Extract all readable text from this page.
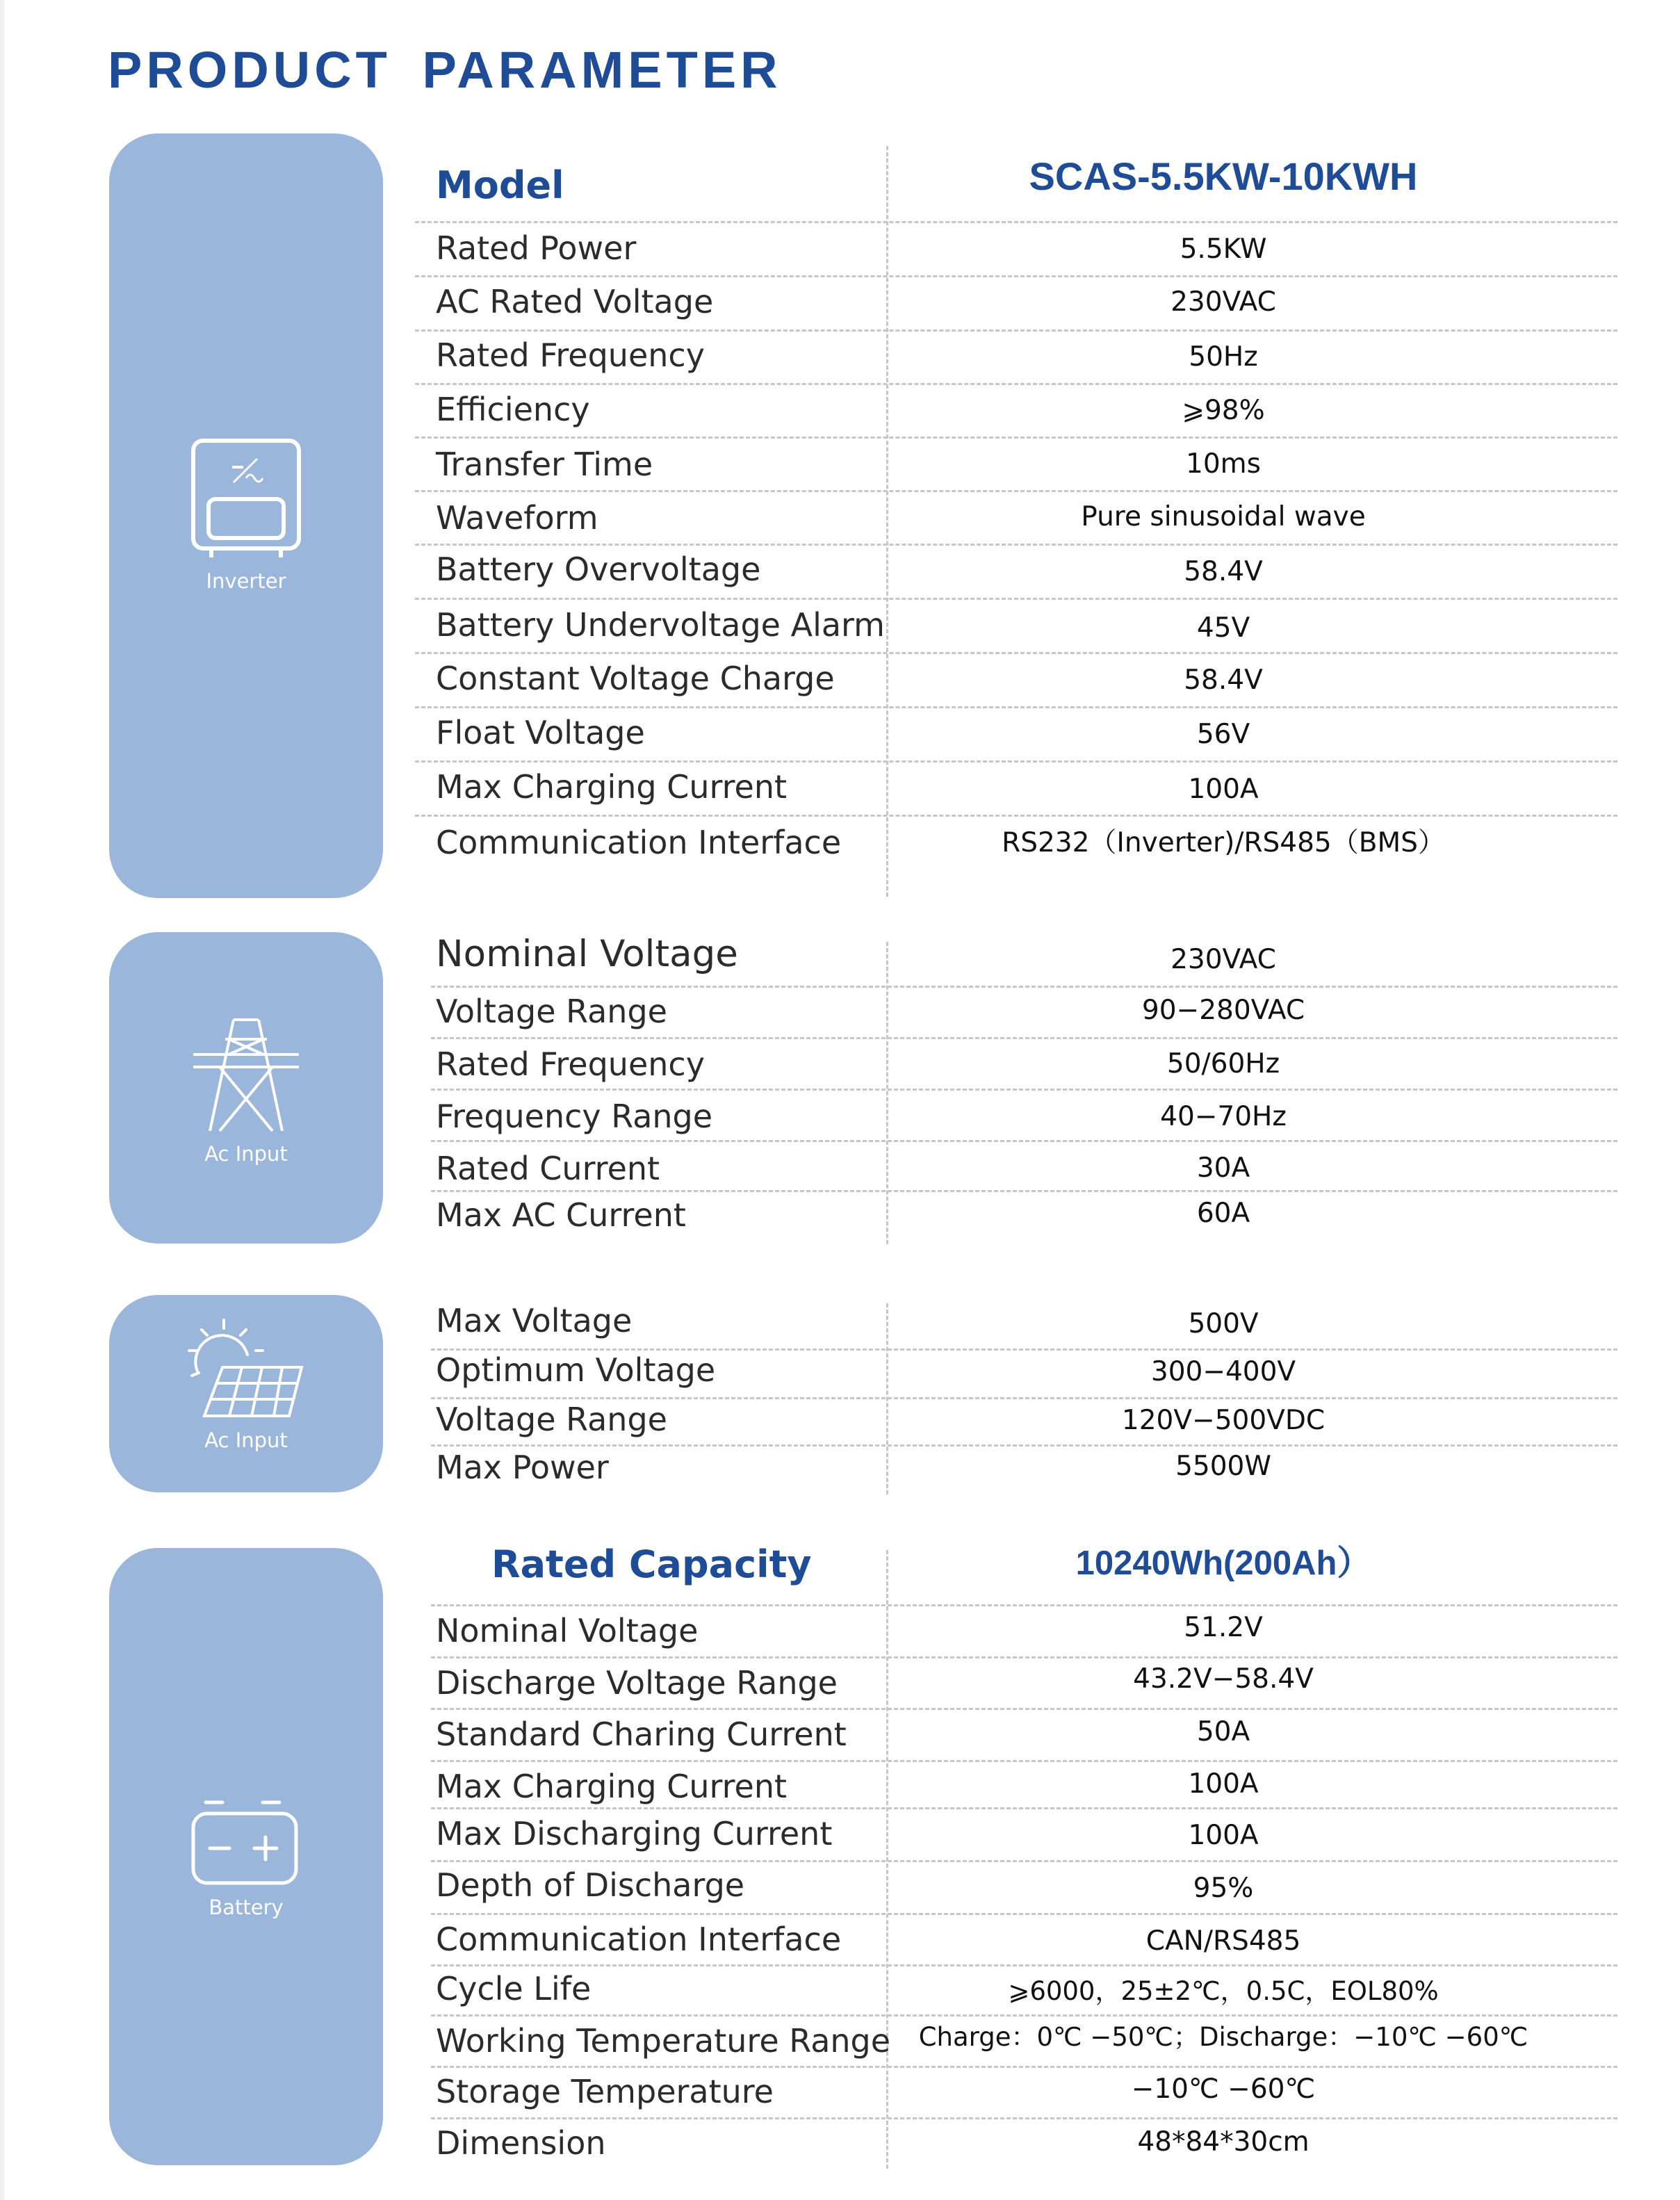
PRODUCT PARAMETER
Inverter
Model	SCAS-5.5KW-10KWH
Rated Power	5.5KW
AC Rated Voltage	230VAC
Rated Frequency	50Hz
Efficiency	⩾98%
Transfer Time	10ms
Waveform	Pure sinusoidal wave
Battery Overvoltage	58.4V
Battery Undervoltage Alarm	45V
Constant Voltage Charge	58.4V
Float Voltage	56V
Max Charging Current	100A
Communication Interface	RS232（Inverter)/RS485（BMS）
Ac Input
Nominal Voltage	230VAC
Voltage Range	90−280VAC
Rated Frequency	50/60Hz
Frequency Range	40−70Hz
Rated Current	30A
Max AC Current	60A
Ac Input
Max Voltage	500V
Optimum Voltage	300−400V
Voltage Range	120V−500VDC
Max Power	5500W
Battery
Rated Capacity	10240Wh(200Ah）
Nominal Voltage	51.2V
Discharge Voltage Range	43.2V−58.4V
Standard Charing Current	50A
Max Charging Current	100A
Max Discharging Current	100A
Depth of Discharge	95%
Communication Interface	CAN/RS485
Cycle Life	⩾6000，25±2℃，0.5C，EOL80%
Working Temperature Range	Charge：0℃ −50℃；Discharge：−10℃ −60℃
Storage Temperature	−10℃ −60℃
Dimension	48*84*30cm
